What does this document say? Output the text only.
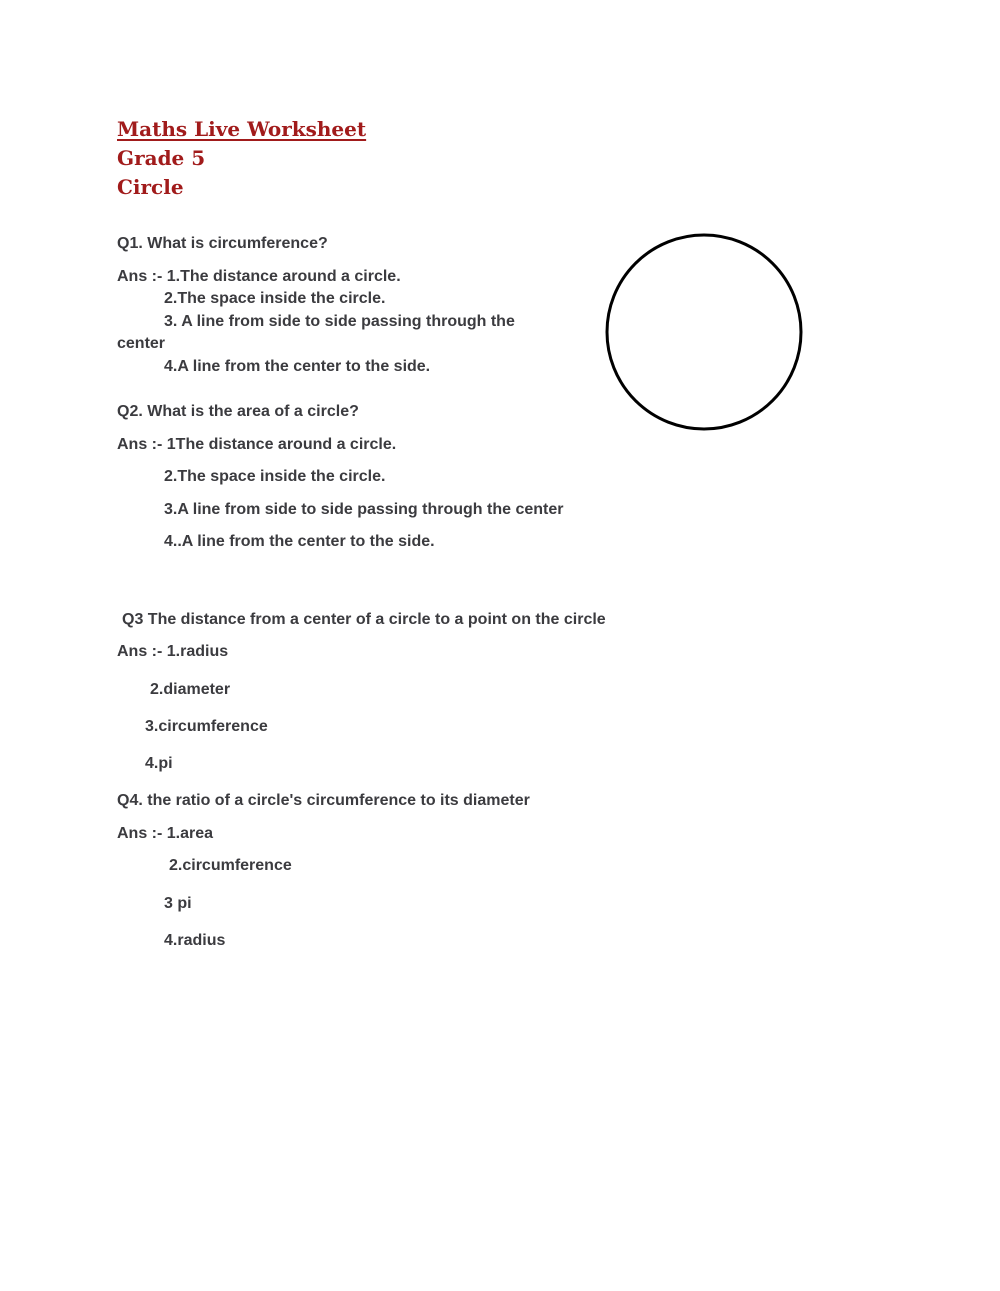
Maths Live Worksheet
Grade 5
Circle
Q1. What is circumference?
Ans :- 1.The distance around a circle.
2.The space inside the circle.
3. A line from side to side passing through the
center
4.A line from the center to the side.
Q2. What is the area of a circle?
Ans :- 1The distance around a circle.
2.The space inside the circle.
3.A line from side to side passing through the center
4..A line from the center to the side.
Q3 The distance from a center of a circle to a point on the circle
Ans :- 1.radius
2.diameter
3.circumference
4.pi
Q4. the ratio of a circle's circumference to its diameter
Ans :- 1.area
2.circumference
3 pi
4.radius
